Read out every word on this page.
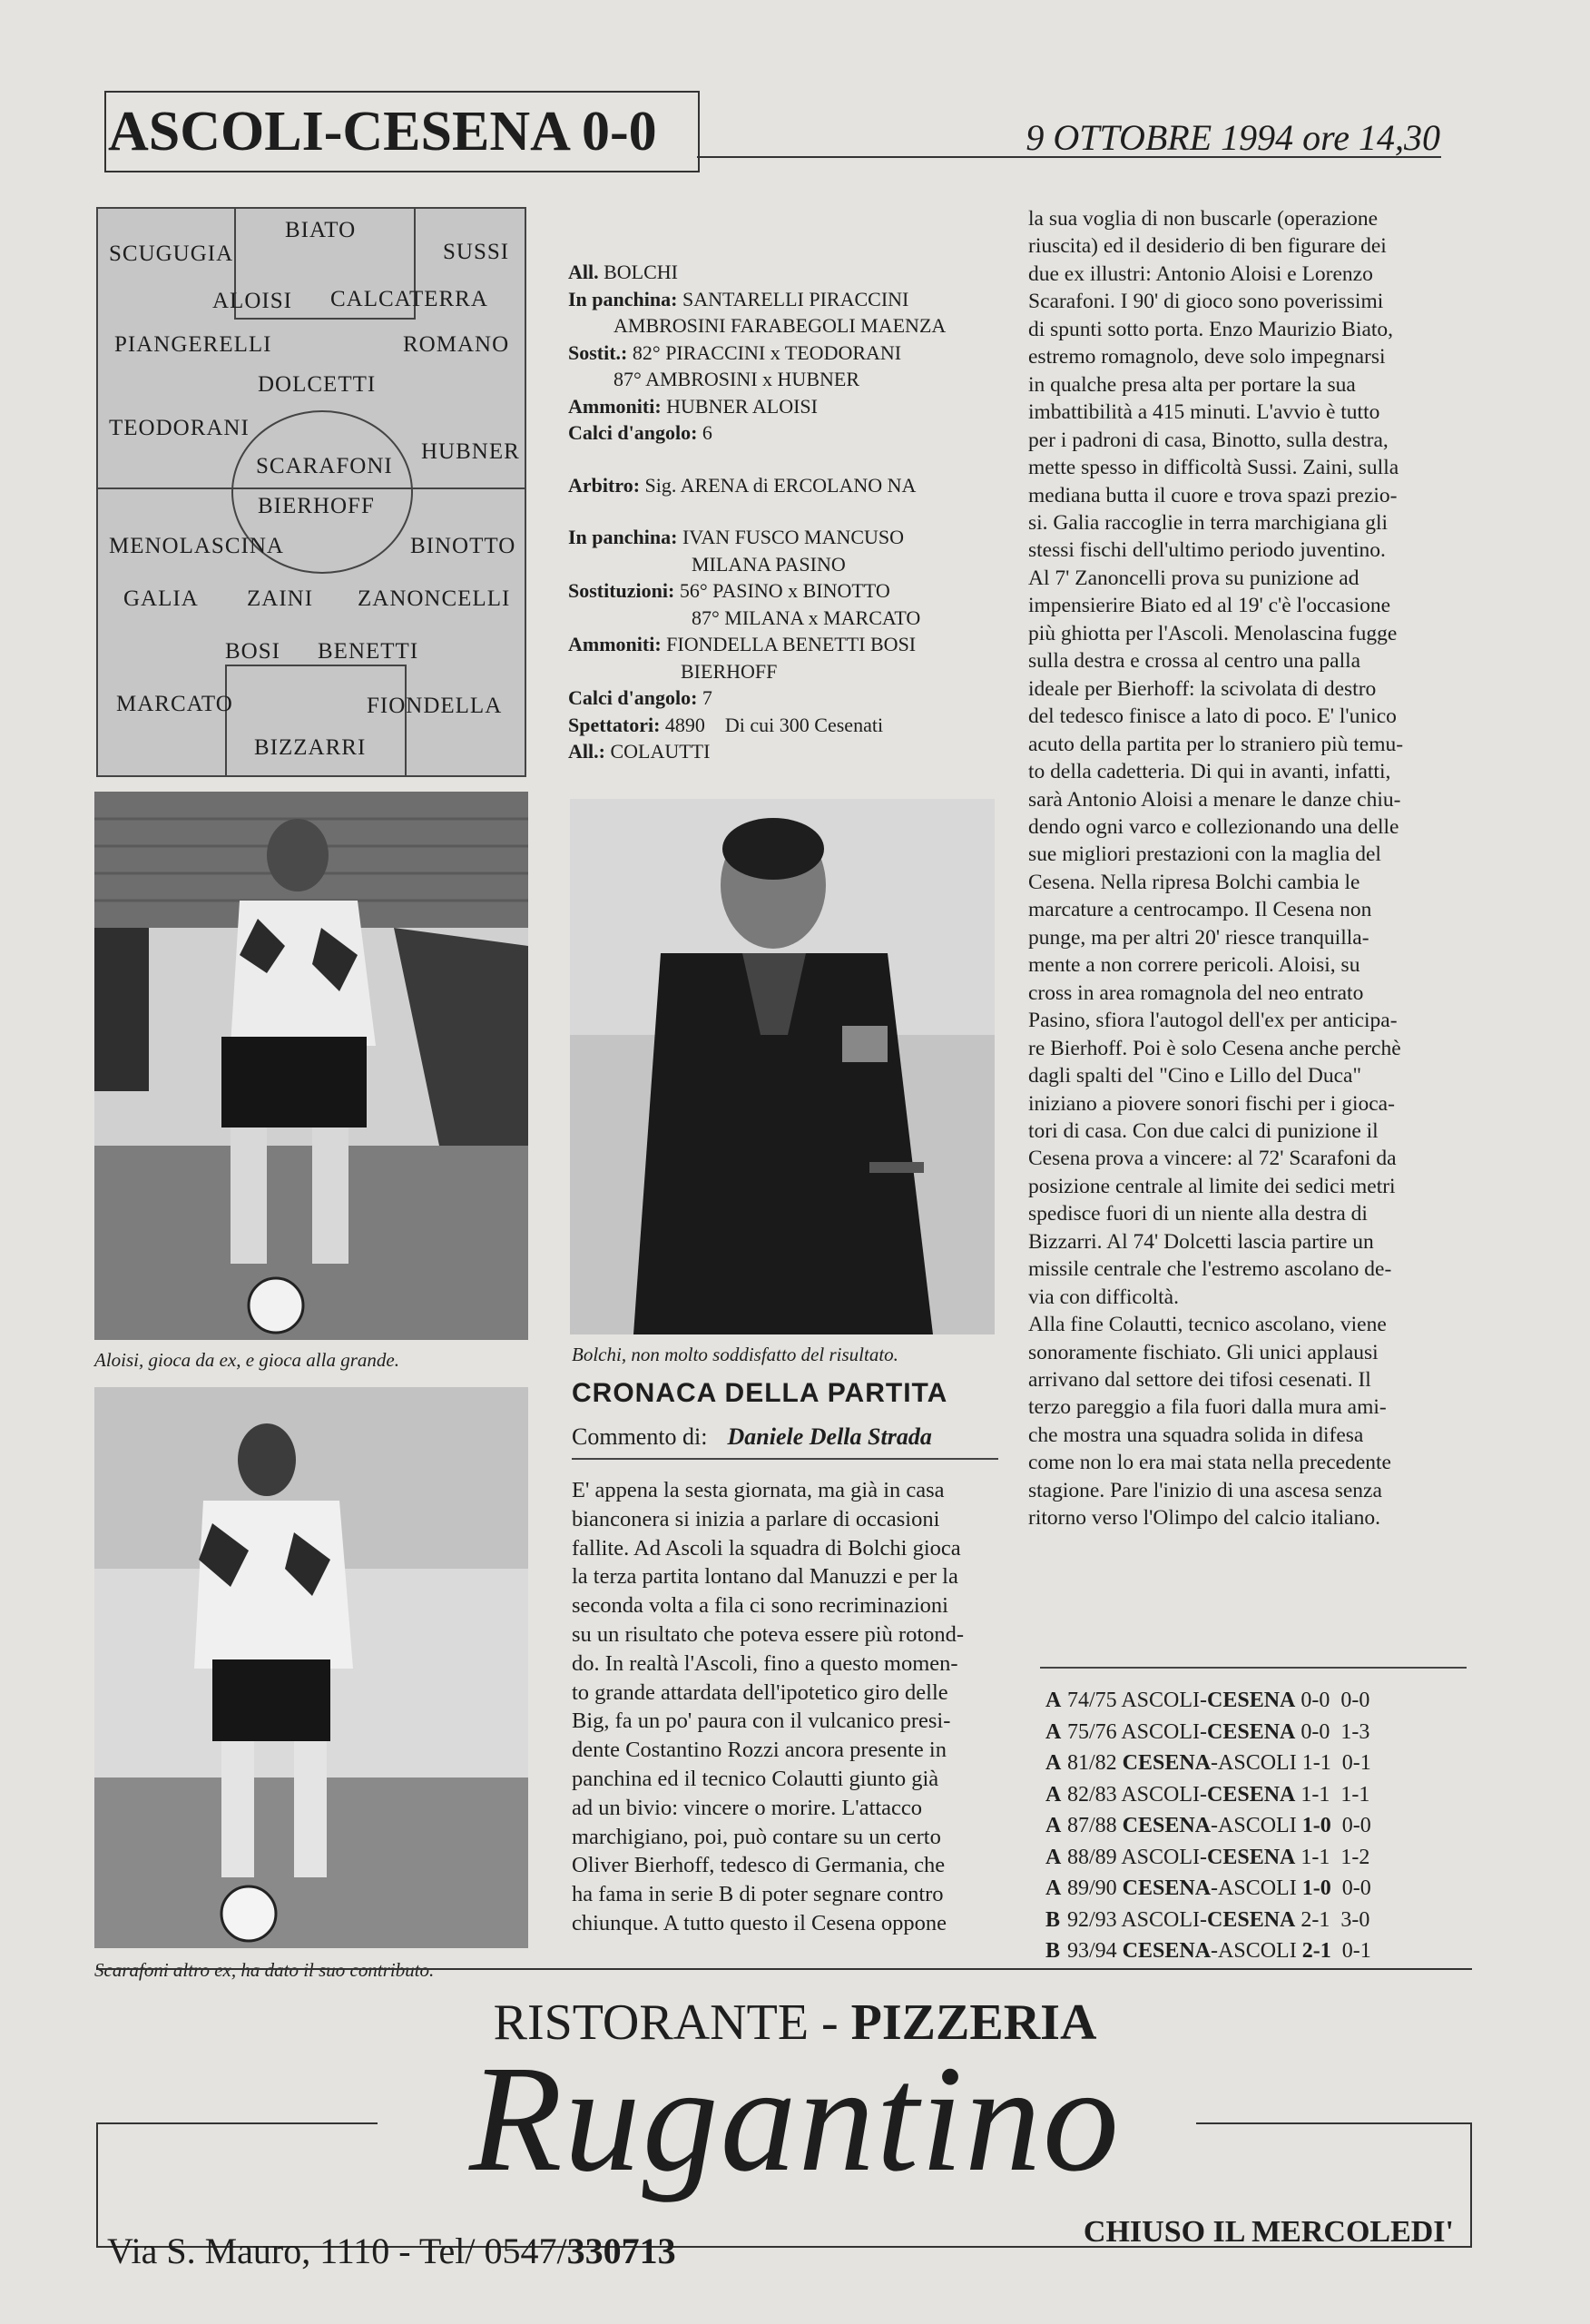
ASCOLI-CESENA 0-0	9 OTTOBRE 1994 ore 14,30
BIATO
SCUGUGIA	SUSSI
ALOISI CALCATERRA
PIANGERELLI	ROMANO
DOLCETTI
TEODORANI
HUBNER
SCARAFONI
BIERHOFF
MENOLASCINA	BINOTTO
GALIA ZAINI ZANONCELLI
BOSI BENETTI
MARCATO	FIONDELLA
BIZZARRI
All. BOLCHI
In panchina: SANTARELLI PIRACCINI
AMBROSINI FARABEGOLI MAENZA
Sostit.: 82° PIRACCINI x TEODORANI
87° AMBROSINI x HUBNER
Ammoniti: HUBNER ALOISI
Calci d'angolo: 6
Arbitro: Sig. ARENA di ERCOLANO NA
In panchina: IVAN FUSCO MANCUSO
MILANA PASINO
Sostituzioni: 56° PASINO x BINOTTO
87° MILANA x MARCATO
Ammoniti: FIONDELLA BENETTI BOSI
BIERHOFF
Calci d'angolo: 7
Spettatori: 4890    Di cui 300 Cesenati
All.: COLAUTTI
Aloisi, gioca da ex, e gioca alla grande.	Bolchi, non molto soddisfatto del risultato.
Scarafoni altro ex, ha dato il suo contributo.
CRONACA DELLA PARTITA
Commento di: Daniele Della Strada
E' appena la sesta giornata, ma già in casa
bianconera si inizia a parlare di occasioni
fallite. Ad Ascoli la squadra di Bolchi gioca
la terza partita lontano dal Manuzzi e per la
seconda volta a fila ci sono recriminazioni
su un risultato che poteva essere più rotond-
do. In realtà l'Ascoli, fino a questo momen-
to grande attardata dell'ipotetico giro delle
Big, fa un po' paura con il vulcanico presi-
dente Costantino Rozzi ancora presente in
panchina ed il tecnico Colautti giunto già
ad un bivio: vincere o morire. L'attacco
marchigiano, poi, può contare su un certo
Oliver Bierhoff, tedesco di Germania, che
ha fama in serie B di poter segnare contro
chiunque. A tutto questo il Cesena oppone
la sua voglia di non buscarle (operazione
riuscita) ed il desiderio di ben figurare dei
due ex illustri: Antonio Aloisi e Lorenzo
Scarafoni. I 90' di gioco sono poverissimi
di spunti sotto porta. Enzo Maurizio Biato,
estremo romagnolo, deve solo impegnarsi
in qualche presa alta per portare la sua
imbattibilità a 415 minuti. L'avvio è tutto
per i padroni di casa, Binotto, sulla destra,
mette spesso in difficoltà Sussi. Zaini, sulla
mediana butta il cuore e trova spazi prezio-
si. Galia raccoglie in terra marchigiana gli
stessi fischi dell'ultimo periodo juventino.
Al 7' Zanoncelli prova su punizione ad
impensierire Biato ed al 19' c'è l'occasione
più ghiotta per l'Ascoli. Menolascina fugge
sulla destra e crossa al centro una palla
ideale per Bierhoff: la scivolata di destro
del tedesco finisce a lato di poco. E' l'unico
acuto della partita per lo straniero più temu-
to della cadetteria. Di qui in avanti, infatti,
sarà Antonio Aloisi a menare le danze chiu-
dendo ogni varco e collezionando una delle
sue migliori prestazioni con la maglia del
Cesena. Nella ripresa Bolchi cambia le
marcature a centrocampo. Il Cesena non
punge, ma per altri 20' riesce tranquilla-
mente a non correre pericoli. Aloisi, su
cross in area romagnola del neo entrato
Pasino, sfiora l'autogol dell'ex per anticipa-
re Bierhoff. Poi è solo Cesena anche perchè
dagli spalti del "Cino e Lillo del Duca"
iniziano a piovere sonori fischi per i gioca-
tori di casa. Con due calci di punizione il
Cesena prova a vincere: al 72' Scarafoni da
posizione centrale al limite dei sedici metri
spedisce fuori di un niente alla destra di
Bizzarri. Al 74' Dolcetti lascia partire un
missile centrale che l'estremo ascolano de-
via con difficoltà.
Alla fine Colautti, tecnico ascolano, viene
sonoramente fischiato. Gli unici applausi
arrivano dal settore dei tifosi cesenati. Il
terzo pareggio a fila fuori dalla mura ami-
che mostra una squadra solida in difesa
come non lo era mai stata nella precedente
stagione. Pare l'inizio di una ascesa senza
ritorno verso l'Olimpo del calcio italiano.
A 74/75 ASCOLI-CESENA 0-0  0-0
A 75/76 ASCOLI-CESENA 0-0  1-3
A 81/82 CESENA-ASCOLI 1-1  0-1
A 82/83 ASCOLI-CESENA 1-1  1-1
A 87/88 CESENA-ASCOLI 1-0  0-0
A 88/89 ASCOLI-CESENA 1-1  1-2
A 89/90 CESENA-ASCOLI 1-0  0-0
B 92/93 ASCOLI-CESENA 2-1  3-0
B 93/94 CESENA-ASCOLI 2-1  0-1
RISTORANTE - PIZZERIA
Rugantino
Via S. Mauro, 1110 - Tel/ 0547/330713	CHIUSO IL MERCOLEDI'
